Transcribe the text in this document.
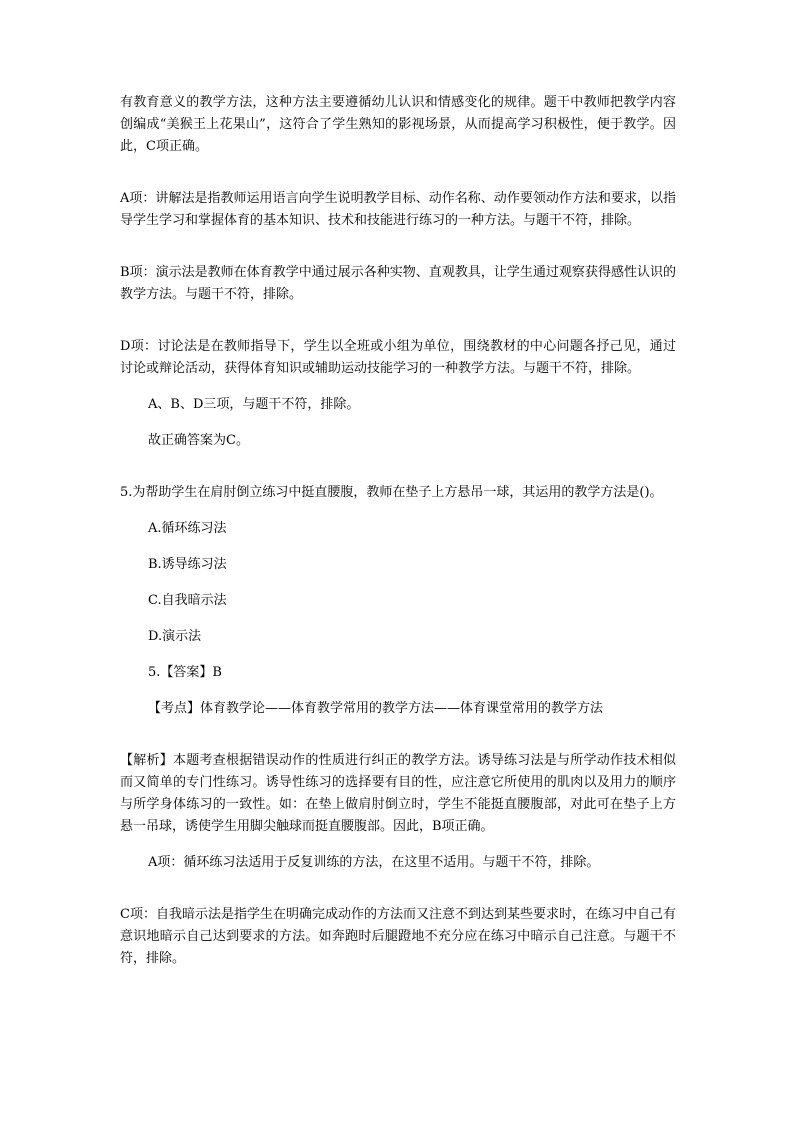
有教育意义的教学方法，这种方法主要遵循幼儿认识和情感变化的规律。题干中教师把教学内容创编成“美猴王上花果山”，这符合了学生熟知的影视场景，从而提高学习积极性，便于教学。因此，C项正确。

A项：讲解法是指教师运用语言向学生说明教学目标、动作名称、动作要领动作方法和要求，以指导学生学习和掌握体育的基本知识、技术和技能进行练习的一种方法。与题干不符，排除。

B项：演示法是教师在体育教学中通过展示各种实物、直观教具，让学生通过观察获得感性认识的教学方法。与题干不符，排除。

D项：讨论法是在教师指导下，学生以全班或小组为单位，围绕教材的中心问题各抒己见，通过讨论或辩论活动，获得体育知识或辅助运动技能学习的一种教学方法。与题干不符，排除。

A、B、D三项，与题干不符，排除。

故正确答案为C。

5.为帮助学生在肩肘倒立练习中挺直腰腹，教师在垫子上方悬吊一球，其运用的教学方法是()。

A.循环练习法

B.诱导练习法

C.自我暗示法

D.演示法

5.【答案】B

【考点】体育教学论——体育教学常用的教学方法——体育课堂常用的教学方法

【解析】本题考查根据错误动作的性质进行纠正的教学方法。诱导练习法是与所学动作技术相似而又简单的专门性练习。诱导性练习的选择要有目的性，应注意它所使用的肌肉以及用力的顺序与所学身体练习的一致性。如：在垫上做肩肘倒立时，学生不能挺直腰腹部，对此可在垫子上方悬一吊球，诱使学生用脚尖触球而挺直腰腹部。因此，B项正确。

A项：循环练习法适用于反复训练的方法，在这里不适用。与题干不符，排除。

C项：自我暗示法是指学生在明确完成动作的方法而又注意不到达到某些要求时，在练习中自己有意识地暗示自己达到要求的方法。如奔跑时后腿蹬地不充分应在练习中暗示自己注意。与题干不符，排除。
